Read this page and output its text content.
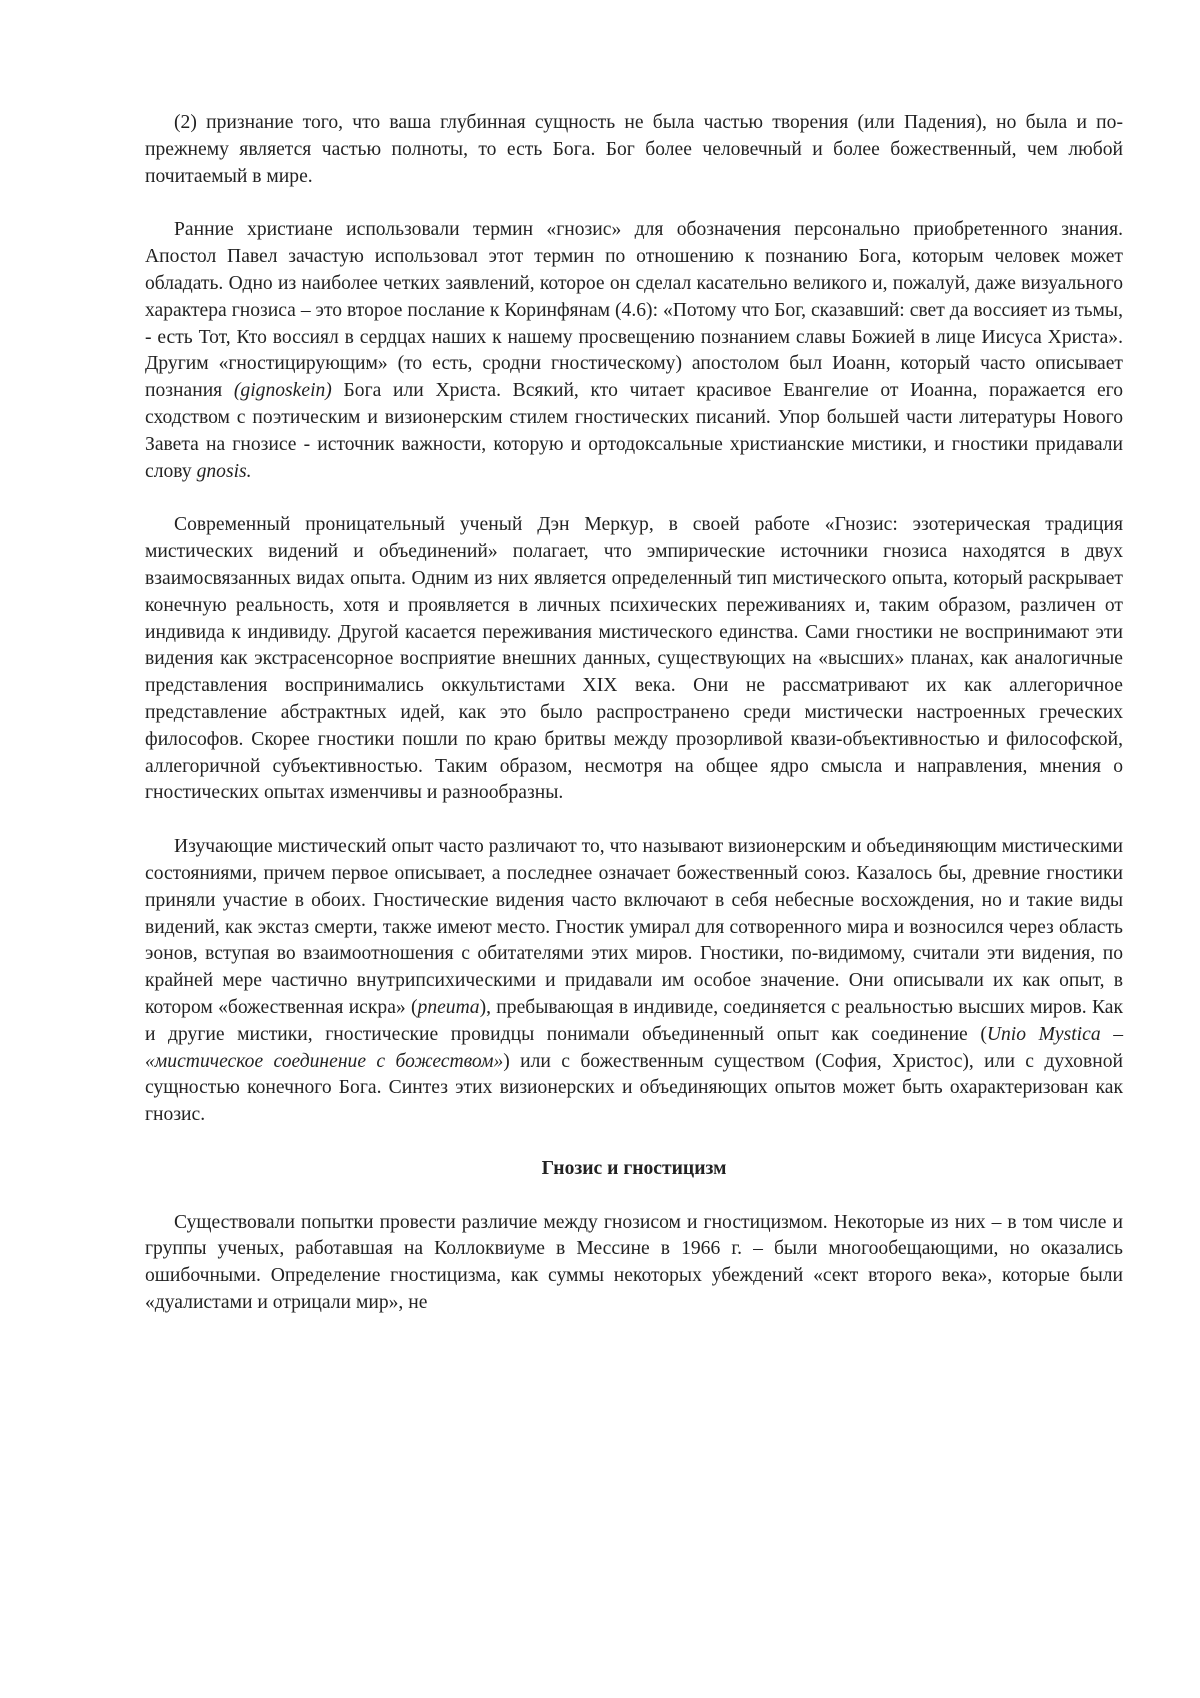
(2) признание того, что ваша глубинная сущность не была частью творения (или Падения), но была и по-прежнему является частью полноты, то есть Бога. Бог более человечный и более божественный, чем любой почитаемый в мире.

Ранние христиане использовали термин «гнозис» для обозначения персонально приобретенного знания. Апостол Павел зачастую использовал этот термин по отношению к познанию Бога, которым человек может обладать. Одно из наиболее четких заявлений, которое он сделал касательно великого и, пожалуй, даже визуального характера гнозиса – это второе послание к Коринфянам (4.6): «Потому что Бог, сказавший: свет да воссияет из тьмы, - есть Тот, Кто воссиял в сердцах наших к нашему просвещению познанием славы Божией в лице Иисуса Христа». Другим «гностицирующим» (то есть, сродни гностическому) апостолом был Иоанн, который часто описывает познания (gignoskein) Бога или Христа. Всякий, кто читает красивое Евангелие от Иоанна, поражается его сходством с поэтическим и визионерским стилем гностических писаний. Упор большей части литературы Нового Завета на гнозисе - источник важности, которую и ортодоксальные христианские мистики, и гностики придавали слову gnosis.

Современный проницательный ученый Дэн Меркур, в своей работе «Гнозис: эзотерическая традиция мистических видений и объединений» полагает, что эмпирические источники гнозиса находятся в двух взаимосвязанных видах опыта. Одним из них является определенный тип мистического опыта, который раскрывает конечную реальность, хотя и проявляется в личных психических переживаниях и, таким образом, различен от индивида к индивиду. Другой касается переживания мистического единства. Сами гностики не воспринимают эти видения как экстрасенсорное восприятие внешних данных, существующих на «высших» планах, как аналогичные представления воспринимались оккультистами XIX века. Они не рассматривают их как аллегоричное представление абстрактных идей, как это было распространено среди мистически настроенных греческих философов. Скорее гностики пошли по краю бритвы между прозорливой квази-объективностью и философской, аллегоричной субъективностью. Таким образом, несмотря на общее ядро смысла и направления, мнения о гностических опытах изменчивы и разнообразны.

Изучающие мистический опыт часто различают то, что называют визионерским и объединяющим мистическими состояниями, причем первое описывает, а последнее означает божественный союз. Казалось бы, древние гностики приняли участие в обоих. Гностические видения часто включают в себя небесные восхождения, но и такие виды видений, как экстаз смерти, также имеют место. Гностик умирал для сотворенного мира и возносился через область эонов, вступая во взаимоотношения с обитателями этих миров. Гностики, по-видимому, считали эти видения, по крайней мере частично внутрипсихическими и придавали им особое значение. Они описывали их как опыт, в котором «божественная искра» (pneuma), пребывающая в индивиде, соединяется с реальностью высших миров. Как и другие мистики, гностические провидцы понимали объединенный опыт как соединение (Unio Mystica – «мистическое соединение с божеством») или с божественным существом (София, Христос), или с духовной сущностью конечного Бога. Синтез этих визионерских и объединяющих опытов может быть охарактеризован как гнозис.

Гнозис и гностицизм

Существовали попытки провести различие между гнозисом и гностицизмом. Некоторые из них – в том числе и группы ученых, работавшая на Коллоквиуме в Мессине в 1966 г. – были многообещающими, но оказались ошибочными. Определение гностицизма, как суммы некоторых убеждений «сект второго века», которые были «дуалистами и отрицали мир», не
